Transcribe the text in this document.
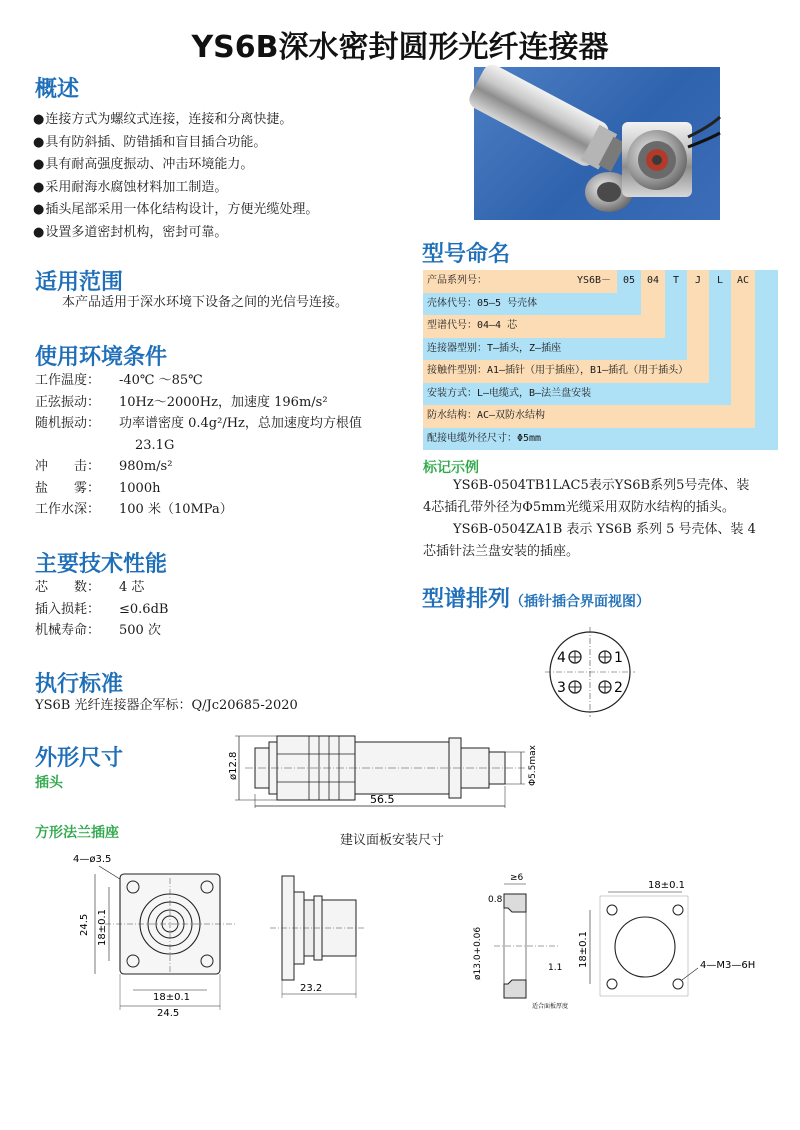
YS6B深水密封圆形光纤连接器
概述
● 连接方式为螺纹式连接，连接和分离快捷。
● 具有防斜插、防错插和盲目插合功能。
● 具有耐高强度振动、冲击环境能力。
● 采用耐海水腐蚀材料加工制造。
● 插头尾部采用一体化结构设计，方便光缆处理。
● 设置多道密封机构，密封可靠。
适用范围
本产品适用于深水环境下设备之间的光信号连接。
使用环境条件
工作温度：	-40℃ ～85℃
正弦振动：	10Hz～2000Hz，加速度 196m/s²
随机振动：	功率谱密度 0.4g²/Hz，总加速度均方根值
23.1G
冲　　击：	980m/s²
盐　　雾：	1000h
工作水深：	100 米（10MPa）
主要技术性能
芯　　数：	4 芯
插入损耗：	≤0.6dB
机械寿命：	500 次
执行标准
YS6B 光纤连接器企军标：Q/Jc20685-2020
型号命名
产品系列号：	YS6B－	05	04	T	J	L	AC
壳体代号：05—5 号壳体
型谱代号：04—4 芯
连接器型别：T—插头，Z—插座
接触件型别：A1—插针（用于插座），B1—插孔（用于插头）
安装方式：L—电缆式，B—法兰盘安装
防水结构：AC—双防水结构
配接电缆外径尺寸：Φ5mm
标记示例
YS6B-0504TB1LAC5表示YS6B系列5号壳体、装
4芯插孔带外径为Φ5mm光缆采用双防水结构的插头。
YS6B-0504ZA1B 表示 YS6B 系列 5 号壳体、装 4
芯插针法兰盘安装的插座。
型谱排列（插针插合界面视图）
4	1
3	2
外形尺寸
插头
ø12.8	Φ5.5max
56.5
方形法兰插座	建议面板安装尺寸
4—ø3.5
24.5 18±0.1
18±0.1
24.5
23.2
≥6
0.8
ø13.0+0.06	1.1
适合面板厚度
18±0.1
18±0.1	4—M3—6H
